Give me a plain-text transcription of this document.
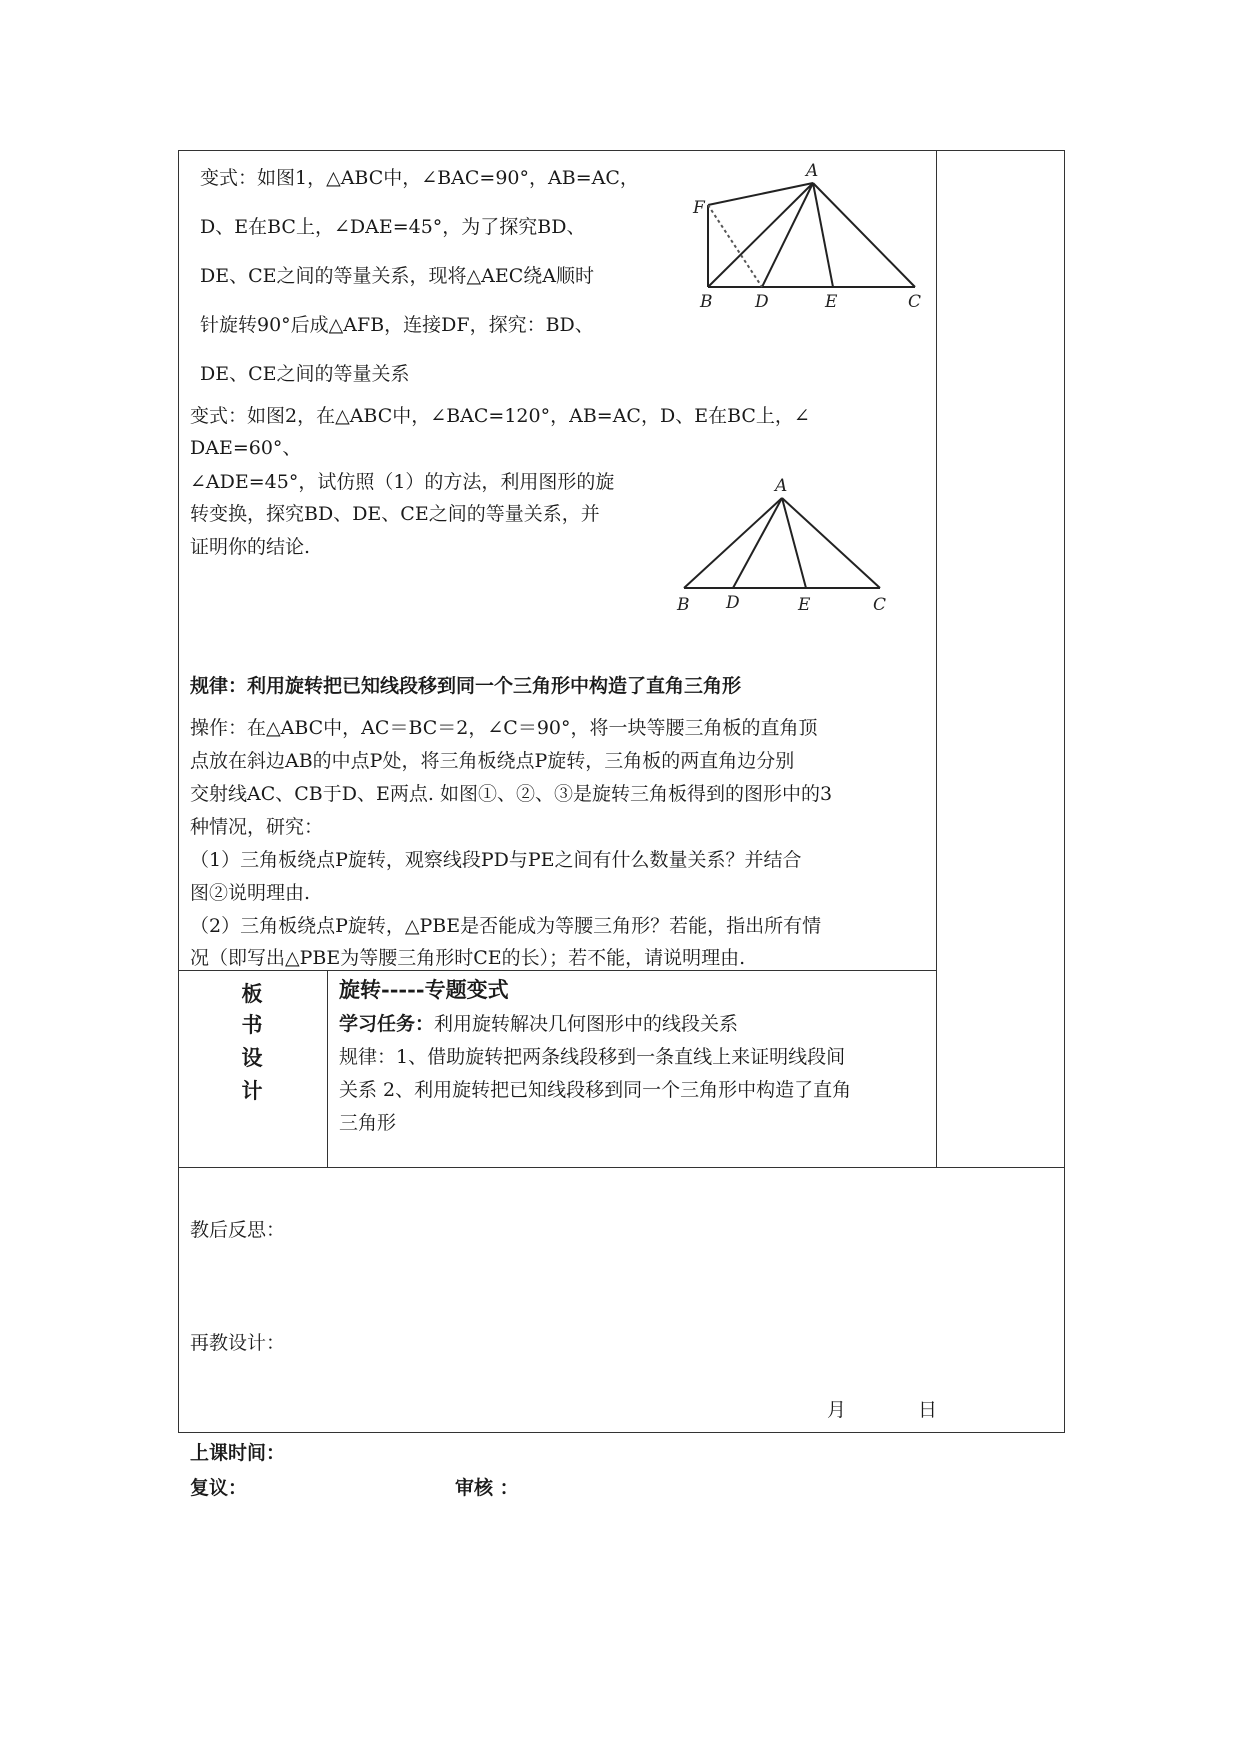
变式：如图1，△ABC中，∠BAC=90°，AB=AC，
D、E在BC上，∠DAE=45°，为了探究BD、
DE、CE之间的等量关系，现将△AEC绕A顺时
针旋转90°后成△AFB，连接DF，探究：BD、
DE、CE之间的等量关系
A
F
B	D	E	C
变式：如图2，在△ABC中，∠BAC=120°，AB=AC，D、E在BC上，∠
DAE=60°、
∠ADE=45°，试仿照（1）的方法，利用图形的旋
转变换，探究BD、DE、CE之间的等量关系，并
证明你的结论.
A
B D	E	C
规律：利用旋转把已知线段移到同一个三角形中构造了直角三角形
操作：在△ABC中，AC＝BC＝2，∠C＝90°，将一块等腰三角板的直角顶
点放在斜边AB的中点P处，将三角板绕点P旋转，三角板的两直角边分别
交射线AC、CB于D、E两点. 如图①、②、③是旋转三角板得到的图形中的3
种情况，研究：
（1）三角板绕点P旋转，观察线段PD与PE之间有什么数量关系？并结合
图②说明理由.
（2）三角板绕点P旋转，△PBE是否能成为等腰三角形？若能，指出所有情
况（即写出△PBE为等腰三角形时CE的长）；若不能，请说明理由.
板
书
设
计
旋转-----专题变式
学习任务：利用旋转解决几何图形中的线段关系
规律：1、借助旋转把两条线段移到一条直线上来证明线段间
关系 2、利用旋转把已知线段移到同一个三角形中构造了直角
三角形
教后反思：
再教设计：
月	日
上课时间：
复议：	审核 ：
